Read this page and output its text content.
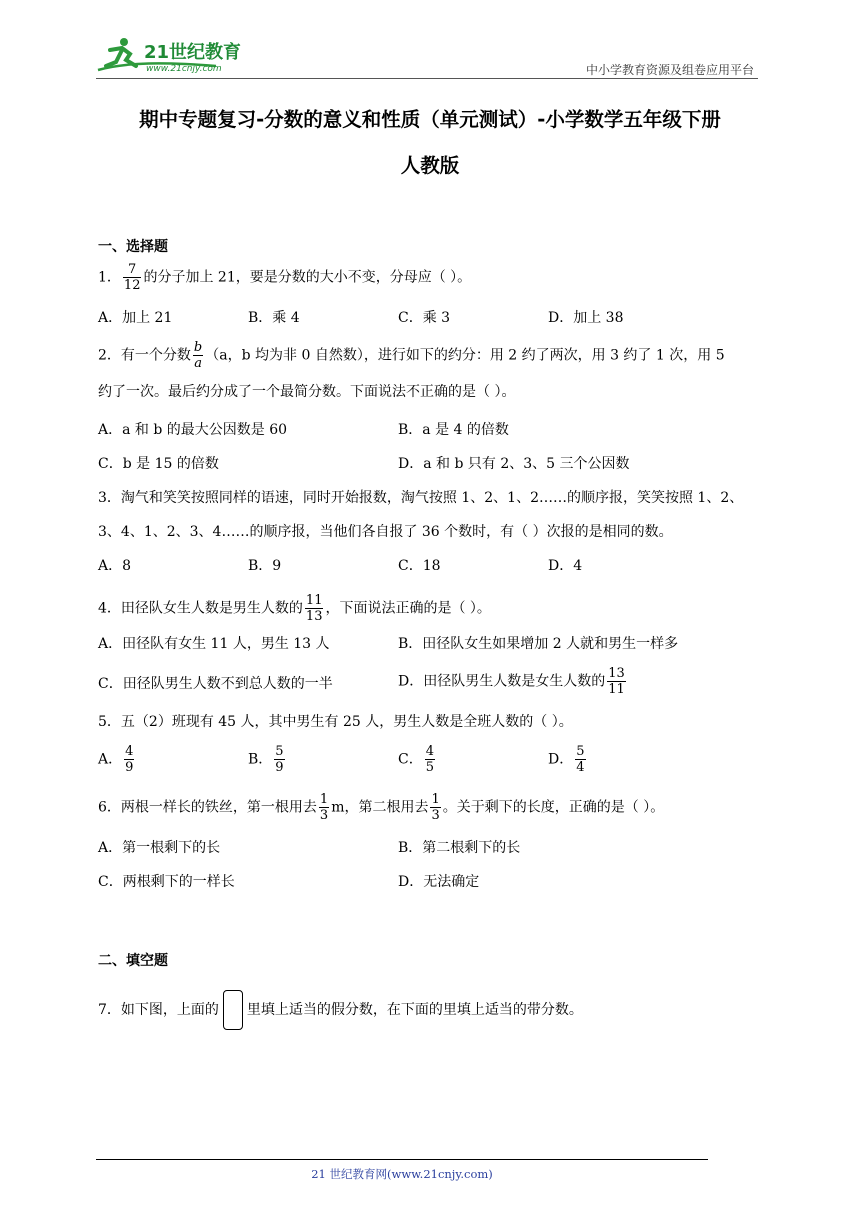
21世纪教育
www.21cnjy.com	中小学教育资源及组卷应用平台
期中专题复习-分数的意义和性质（单元测试）-小学数学五年级下册
人教版
一、选择题
1． $\frac{7}{12}$ 的分子加上 21，要是分数的大小不变，分母应（ ）。
A．加上 21	B．乘 4	C．乘 3	D．加上 38
2．有一个分数 $\frac{b}{a} (a$，b 均为非 0 自然数），进行如下的约分：用 2 约了两次，用 3 约了 1 次，用 5
约了一次。最后约分成了一个最简分数。下面说法不正确的是（ ）。
A．a 和 b 的最大公因数是 60	B．a 是 4 的倍数
C．b 是 15 的倍数	D．a 和 b 只有 2、3、5 三个公因数
3．淘气和笑笑按照同样的语速，同时开始报数，淘气按照 1、2、1、2……的顺序报，笑笑按照 1、2、
3、4、1、2、3、4……的顺序报，当他们各自报了 36 个数时，有（ ）次报的是相同的数。
A．8	B．9	C．18	D．4
4．田径队女生人数是男生人数的 $\frac{11}{13}$ ，下面说法正确的是（ ）。
A．田径队有女生 11 人，男生 13 人	B．田径队女生如果增加 2 人就和男生一样多
C．田径队男生人数不到总人数的一半	D．田径队男生人数是女生人数的 $\frac{13}{11}$
5．五（2）班现有 45 人，其中男生有 25 人，男生人数是全班人数的（ ）。
A． $\frac{4}{9}$	B． $\frac{5}{9}$	C． $\frac{4}{5}$	D． $\frac{5}{4}$
6．两根一样长的铁丝，第一根用去 $\frac{1}{3}$ m，第二根用去 $\frac{1}{3}$ 。关于剩下的长度，正确的是（ ）。
A．第一根剩下的长	B．第二根剩下的长
C．两根剩下的一样长	D．无法确定
二、填空题
7．如下图，上面的 里填上适当的假分数，在下面的里填上适当的带分数。
21 世纪教育网(www.21cnjy.com)
